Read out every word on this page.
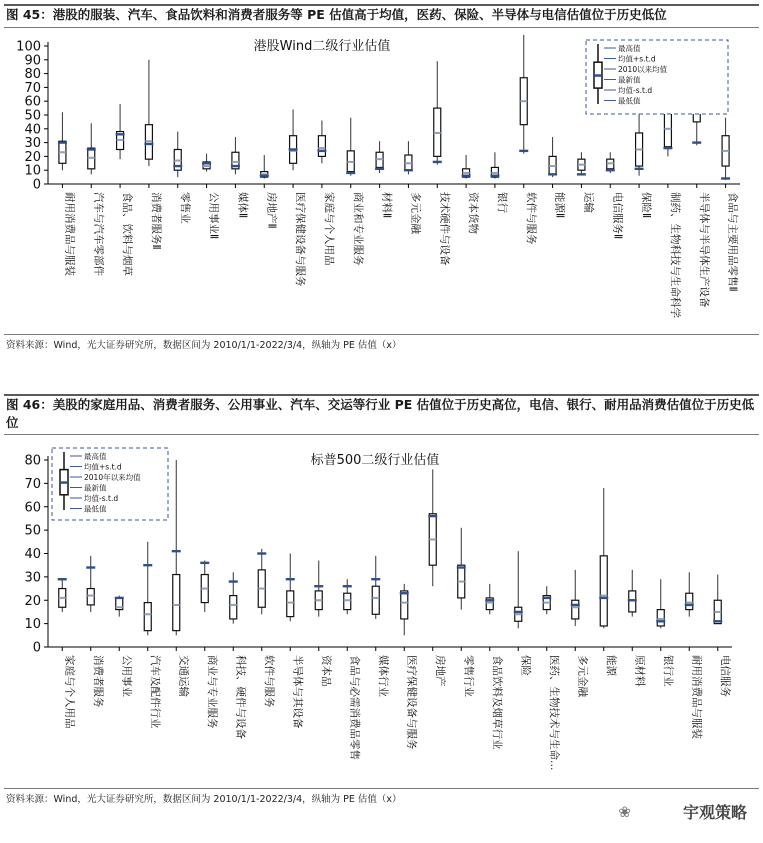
图 45：港股的服装、汽车、食品饮料和消费者服务等 PE 估值高于均值，医药、保险、半导体与电信估值位于历史低位
0
10
20
30
40
50
60
70
80
90
100	港股Wind二级行业估值
耐用消费品与服装 汽车与汽车零部件 食品、饮料与烟草 消费者服务Ⅱ 零售业 公用事业Ⅱ 媒体Ⅱ 房地产Ⅱ 医疗保健设备与服务 家庭与个人用品 商业和专业服务 材料Ⅱ 多元金融 技术硬件与设备 资本货物 银行 软件与服务 能源Ⅱ 运输 电信服务Ⅱ 保险Ⅱ 制药、生物科技与生命科学 半导体与半导体生产设备 食品与主要用品零售Ⅱ
最高值
均值+s.t.d
2010以来均值
最新值
均值-s.t.d
最低值
资料来源：Wind，光大证券研究所，数据区间为 2010/1/1-2022/3/4，纵轴为 PE 估值（x）
图 46：美股的家庭用品、消费者服务、公用事业、汽车、交运等行业 PE 估值位于历史高位，电信、银行、耐用品消费估值位于历史低位
0
10
20
30
40
50
60
70
80	标普500二级行业估值
家庭与个人用品 消费者服务 公用事业 汽车及配件行业 交通运输 商业与专业服务 科技、硬件与设备 软件与服务 半导体与其设备 资本品 食品与必需消费品零售 媒体行业 医疗保健设备与服务 房地产 零售行业 食品饮料及烟草行业 保险 医药、生物技术与生命… 多元金融 能源 原材料 银行业 耐用消费品与服装 电信服务
最高值
均值+s.t.d
2010年以来均值
最新值
均值-s.t.d
最低值
资料来源：Wind，光大证券研究所，数据区间为 2010/1/1-2022/3/4，纵轴为 PE 估值（x）
❀	宇观策略
